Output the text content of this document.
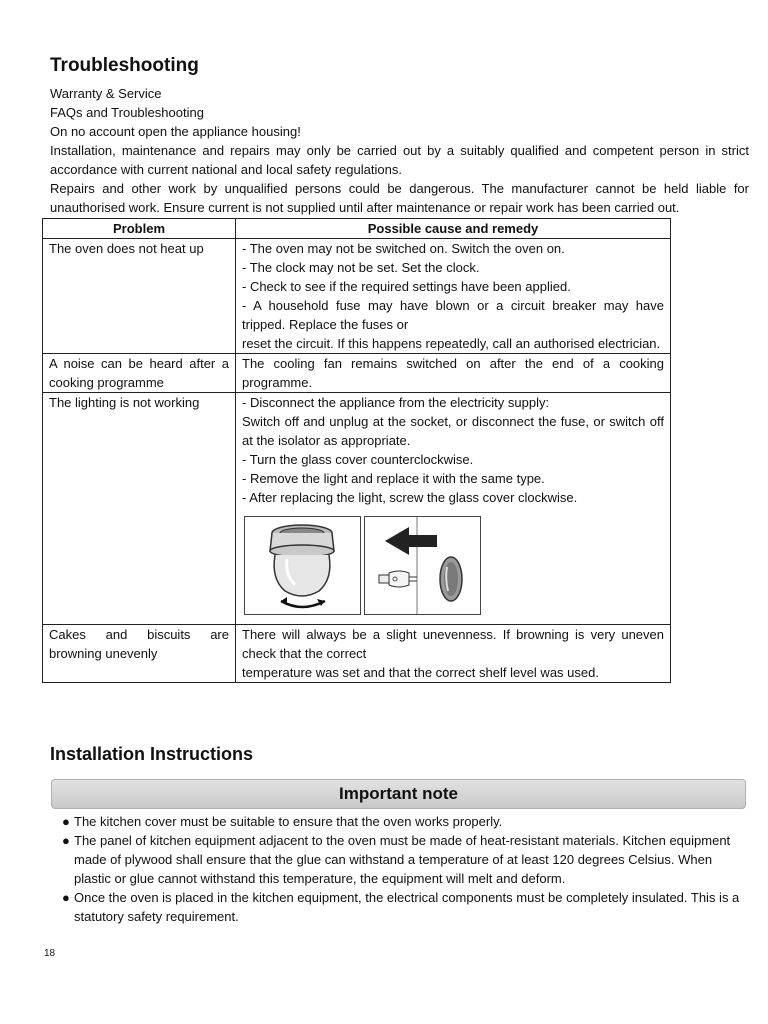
Troubleshooting

Warranty & Service

FAQs and Troubleshooting

On no account open the appliance housing!

Installation, maintenance and repairs may only be carried out by a suitably qualified and competent person in strict accordance with current national and local safety regulations.

Repairs and other work by unqualified persons could be dangerous. The manufacturer cannot be held liable for unauthorised work. Ensure current is not supplied until after maintenance or repair work has been carried out.

Problem	Possible cause and remedy

The oven does not heat up	- The oven may not be switched on. Switch the oven on.

- The clock may not be set. Set the clock.

- Check to see if the required settings have been applied.

- A household fuse may have blown or a circuit breaker may have tripped. Replace the fuses or

reset the circuit. If this happens repeatedly, call an authorised electrician.

A noise can be heard after a cooking programme	The cooling fan remains switched on after the end of a cooking programme.

The lighting is not working	- Disconnect the appliance from the electricity supply:

Switch off and unplug at the socket, or disconnect the fuse, or switch off at the isolator as appropriate.

- Turn the glass cover counterclockwise.

- Remove the light and replace it with the same type.

- After replacing the light, screw the glass cover clockwise.

Cakes and biscuits are browning unevenly	There will always be a slight unevenness. If browning is very uneven check that the correct

temperature was set and that the correct shelf level was used.

Installation Instructions
Important note
● The kitchen cover must be suitable to ensure that the oven works properly.
● The panel of kitchen equipment adjacent to the oven must be made of heat-resistant materials. Kitchen equipment made of plywood shall ensure that the glue can withstand a temperature of at least 120 degrees Celsius. When plastic or glue cannot withstand this temperature, the equipment will melt and deform.
● Once the oven is placed in the kitchen equipment, the electrical components must be completely insulated. This is a statutory safety requirement.
18
